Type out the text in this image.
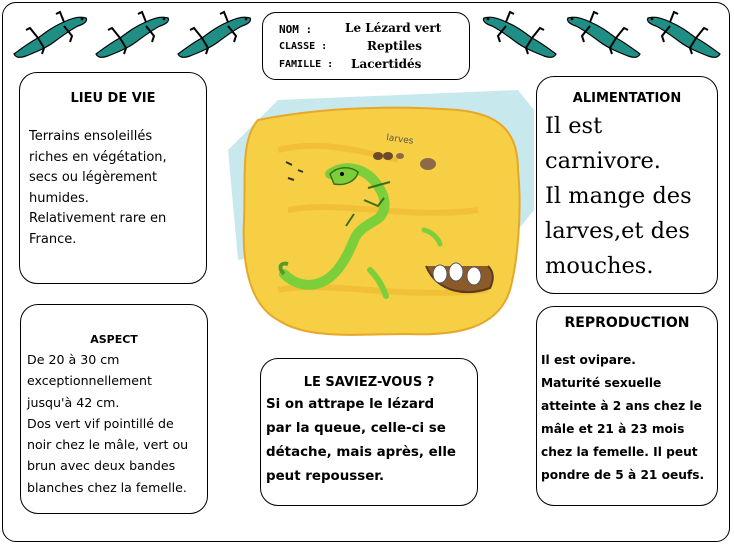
NOM :	Le Lézard vert
CLASSE :	Reptiles
FAMILLE : Lacertidés
LIEU DE VIE
Terrains ensoleillés
riches en végétation,
secs ou légèrement
humides.
Relativement rare en
France.
ASPECT
De 20 à 30 cm
exceptionnellement
jusqu'à 42 cm.
Dos vert vif pointillé de
noir chez le mâle, vert ou
brun avec deux bandes
blanches chez la femelle.
larves
ALIMENTATION
Il est
carnivore.
Il mange des
larves,et des
mouches.
REPRODUCTION
Il est ovipare.
Maturité sexuelle
atteinte à 2 ans chez le
mâle et 21 à 23 mois
chez la femelle. Il peut
pondre de 5 à 21 oeufs.
LE SAVIEZ-VOUS ?
Si on attrape le lézard
par la queue, celle-ci se
détache, mais après, elle
peut repousser.
